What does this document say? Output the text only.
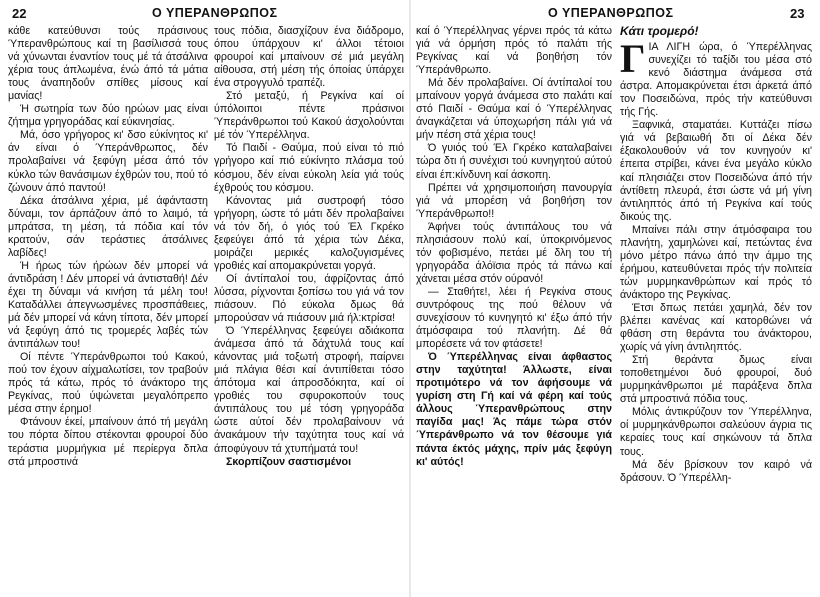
22	Ο ΥΠΕΡΑΝΘΡΩΠΟΣ	Ο ΥΠΕΡΑΝΘΡΩΠΟΣ	23

κάθε κατεύθυνσι τούς πράσινους Ύπερανθρώπους καί τη βασίλισσά τους νά χύνωνται έναντίον τους μέ τά άτσάλινα χέρια τους άπλωμένα, ένώ άπό τά μάτια τους άναπηδοΰν σπίθες μίσους καί μανίας!

Ή σωτηρία των δύο ηρώων μας είναι ζήτημα γρηγοράδας καί εύκινησίας.

Μά, όσο γρήγορος κι' δσο εύκίνητος κι' άν είναι ό Ύπεράνθρωπος, δέν προλαβαίνει νά ξεφύγη μέσα άπό τόν κύκλο τών θανάσιμων έχθρών του, πού τό ζώνουν άπό παντού!

Δέκα άτσάλινα χέρια, μέ άφάνταστη δύναμι, τον άρπάζουν άπό το λαιμό, τά μπράτσα, τη μέση, τά πόδια καί τόν κρατούν, σάν τεράστιες άτσάλινες λαβίδες!

Ή ήρως τών ήρώων δέν μπορεί νά άντιδράση ! Δέν μπορεί νά άντισταθή! Δέν έχει τη δύναμι νά κινήση τά μέλη του! Καταδάλλει άπεγνωσμένες προσπάθειες, μά δέν μπορεί νά κάνη τίποτα, δέν μπορεί νά ξεφύγη άπό τις τρομερές λαβές τών άντιπάλων του!

Οί πέντε Ύπεράνθρωποι τού Κακού, πού τον έχουν αίχμαλωτίσει, τον τραβούν πρός τά κάτω, πρός τό άνάκτορο της Ρεγκίνας, πού ύψώνεται μεγαλόπρεπο μέσα στην έρημο!

Φτάνουν έκεί, μπαίνουν άπό τή μεγάλη του πόρτα δίπου στέκονται φρουροί δύο τεράστια μυρμήγκια μέ περίεργα δπλα στά μπροστινά

τους πόδια, διασχίζουν ένα διάδρομο, όπου ύπάρχουν κι' άλλοι τέτοιοι φρουροί καί μπαίνουν σέ μιά μεγάλη αίθουσα, στή μέση τής όποίας ύπάρχει ένα στρογγυλό τραπέζι.

Στό μεταξύ, ή Ρεγκίνα καί οί ύπόλοιποι πέντε πράσινοι Ύπεράνθρωποι τού Κακού άσχολούνται μέ τόν Ύπερέλληνα.

Τό Παιδί - Θαύμα, πού είναι τό πιό γρήγορο καί πιό εύκίνητο πλάσμα τού κόσμου, δέν είναι εύκολη λεία γιά τούς έχθρούς του κόσμου.

Κάνοντας μιά συστροφή τόσο γρήγορη, ώστε τό μάτι δέν προλαβαίνει νά τόν δή, ό γιός τού Έλ Γκρέκο ξεφεύγει άπό τά χέρια τών Δέκα, μοιράζει μερικές καλοζυγισμένες γροθιές καί απομακρύνεται γοργά.

Οί άντίπαλοί του, άφρίζοντας άπό λύσσα, ρίχνονται ξοπίσω του γιά νά τον πιάσουν. Πό εύκολα δμως θά μπορούσαν νά πιάσουν μιά ήλ:κτρίσα!

Ό Ύπερέλληνας ξεφεύγει αδιάκοπα άνάμεσα άπό τά δάχτυλά τους καί κάνοντας μιά τοξωτή στροφή, παίρνει μιά πλάγια θέσι καί άντιπίθεται τόσο άπότομα καί άπροσδόκητα, καί οί γροθιές του σφυροκοπούν τους άντιπάλους του μέ τόση γρηγοράδα ώστε αύτοί δέν προλαβαίνουν νά άνακάμουν τήν ταχύτητα τους καί νά άποφύγουν τά χτυπήματά του!

Σκορπίζουν σαστισμένοι

καί ό Ύπερέλληνας γέρνει πρός τά κάτω γιά νά όρμήση πρός τό παλάτι τής Ρεγκίνας καί νά βοηθήση τόν Ύπεράνθρωπο.

Μά δέν προλαβαίνει. Οί άντίπαλοί του μπαίνουν γοργά άνάμεσα στο παλάτι καί στό Παιδί - Θαύμα καί ό Ύπερέλληνας άναγκάζεται νά ύποχωρήση πάλι γιά νά μήν πέση στά χέρια τους!

Ό γυιός τού Έλ Γκρέκο καταλαβαίνει τώρα δτι ή συνέχισι τού κυνηγητού αύτού είναι έπ:κίνδυνη καί άσκοπη.

Πρέπει νά χρησιμοποιήση πανουργία γιά νά μπορέση νά βοηθήση τον Ύπεράνθρωπο!!

Άφήνει τούς άντιπάλους του νά πλησιάσουν πολύ καί, ύποκρινόμενος τόν φοβισμένο, πετάει μέ δλη του τή γρηγοράδα άλόϊσια πρός τά πάνω καί χάνεται μέσα στόν ούρανό!

— Σταθήτε!, λέει ή Ρεγκίνα στους συντρόφους της πού θέλουν νά συνεχίσουν τό κυνηγητό κι' έξω άπό τήν άτμόσφαιρα τού πλανήτη. Δέ θά μπορέσετε νά τον φτάσετε!

Ό Ύπερέλληνας είναι άφθαστος στην ταχύτητα! Άλλωστε, είναι προτιμότερο νά τον άφήσουμε νά γυρίση στη Γή καί νά φέρη καί τούς άλλους Ύπερανθρώπους στην παγίδα μας! Άς πάμε τώρα στόν Ύπεράνθρωπο νά τον θέσουμε γιά πάντα έκτός μάχης, πρίν μάς ξεφύγη κι' αύτός!

Κάτι τρομερό!

ΓΙΑ ΛΙΓΗ ώρα, ό Ύπερέλληνας συνεχίζει τό ταξίδι του μέσα στό κενό διάστημα άνάμεσα στά άστρα. Απομακρύνεται έτσι άρκετά άπό τον Ποσειδώνα, πρός τήν κατεύθυνσι τής Γής.

Ξαφνικά, σταματάει. Κυττάζει πίσω γιά νά βεβαιωθή δτι οί Δέκα δέν έξακολουθούν νά τον κυνηγούν κι' έπειτα στρίβει, κάνει ένα μεγάλο κύκλο καί πλησιάζει στον Ποσειδώνα άπό τήν άντίθετη πλευρά, έτσι ώστε νά μή γίνη άντιληπτός άπό τή Ρεγκίνα καί τούς δικούς της.

Μπαίνει πάλι στην άτμόσφαιρα του πλανήτη, χαμηλώνει καί, πετώντας ένα μόνο μέτρο πάνω άπό την άμμο της έρήμου, κατευθύνεται πρός τήν πολιτεία τών μυρμηκανθρώπων καί πρός τό άνάκτορο της Ρεγκίνας.

Έτσι δπως πετάει χαμηλά, δέν τον βλέπει κανένας καί κατορθώνει νά φθάση στη θεράντα του άνάκτορου, χωρίς νά γίνη άντιληπτός.

Στή θεράντα δμως είναι τοποθετημένοι δυό φρουροί, δυό μυρμηκάνθρωποι μέ παράξενα δπλα στά μπροστινά πόδια τους.

Μόλις άντικρύζουν τον Ύπερέλληνα, οί μυρμηκάνθρωποι σαλεύουν άγρια τις κεραίες τους καί σηκώνουν τά δπλα τους.

Μά δέν βρίσκουν τον καιρό νά δράσουν. Ό Ύπερέλλη-
